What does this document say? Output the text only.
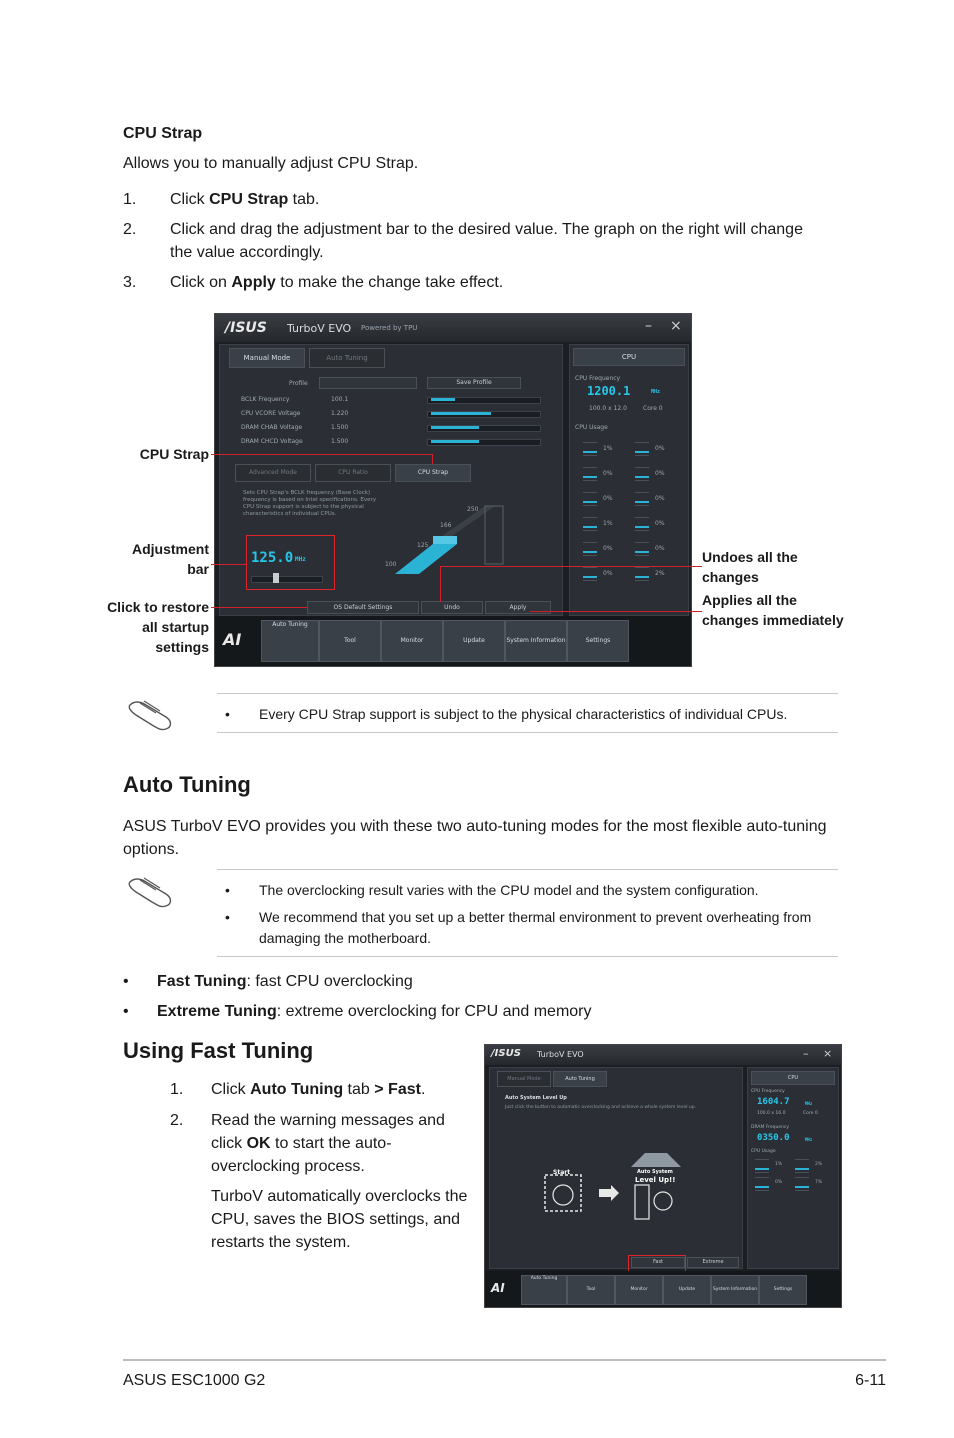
CPU Strap
Allows you to manually adjust CPU Strap.
1. Click CPU Strap tab.
2. Click and drag the adjustment bar to the desired value. The graph on the right will change the value accordingly.
3. Click on Apply to make the change take effect.
/ISUS TurboV EVO Powered by TPU	– ×
Manual Mode	Auto Tuning
Profile	Save Profile
Advanced Mode	CPU Ratio	CPU Strap
Sets CPU Strap's BCLK frequency (Base Clock) frequency is based on Intel specifications. Every CPU Strap support is subject to the physical characteristics of individual CPUs.
125.0 MHz
100
125
166
250
OS Default Settings	Undo	Apply
CPU
CPU Frequency
1200.1	MHz
100.0 x 12.0	Core 0
CPU Usage
AI
BCLK Frequency	100.1
CPU VCORE Voltage	1.220
DRAM CHAB Voltage	1.500
DRAM CHCD Voltage	1.500
1%	0%
0%	0%
0%	0%
1%	0%
0%	0%
0%	2%
Auto Tuning
Tool	Monitor	Update	System Information	Settings
CPU Strap
Adjustment
bar
Click to restore
all startup
settings
Undoes all the
changes
Applies all the
changes immediately
• Every CPU Strap support is subject to the physical characteristics of individual CPUs.
Auto Tuning
ASUS TurboV EVO provides you with these two auto-tuning modes for the most flexible auto-tuning options.
• The overclocking result varies with the CPU model and the system configuration.
• We recommend that you set up a better thermal environment to prevent overheating from damaging the motherboard.
• Fast Tuning: fast CPU overclocking
• Extreme Tuning: extreme overclocking for CPU and memory
Using Fast Tuning
1. Click Auto Tuning tab > Fast.
2. Read the warning messages and click OK to start the auto-overclocking process.
TurboV automatically overclocks the CPU, saves the BIOS settings, and restarts the system.
/ISUS TurboV EVO	– ×
Manual Mode	Auto Tuning
Auto System Level Up
Just click the button to automatic overclocking and achieve a whole system level up.
Start	Auto System
Level Up!!
Fast	Extreme
CPU
CPU Frequency
1604.7	MHz
100.0 x 16.0	Core 0
DRAM Frequency
0350.0	MHz
CPU Usage
AI
1%	2%
0%	7%
Auto Tuning
Tool	Monitor	Update	System Information	Settings
ASUS ESC1000 G2	6-11
